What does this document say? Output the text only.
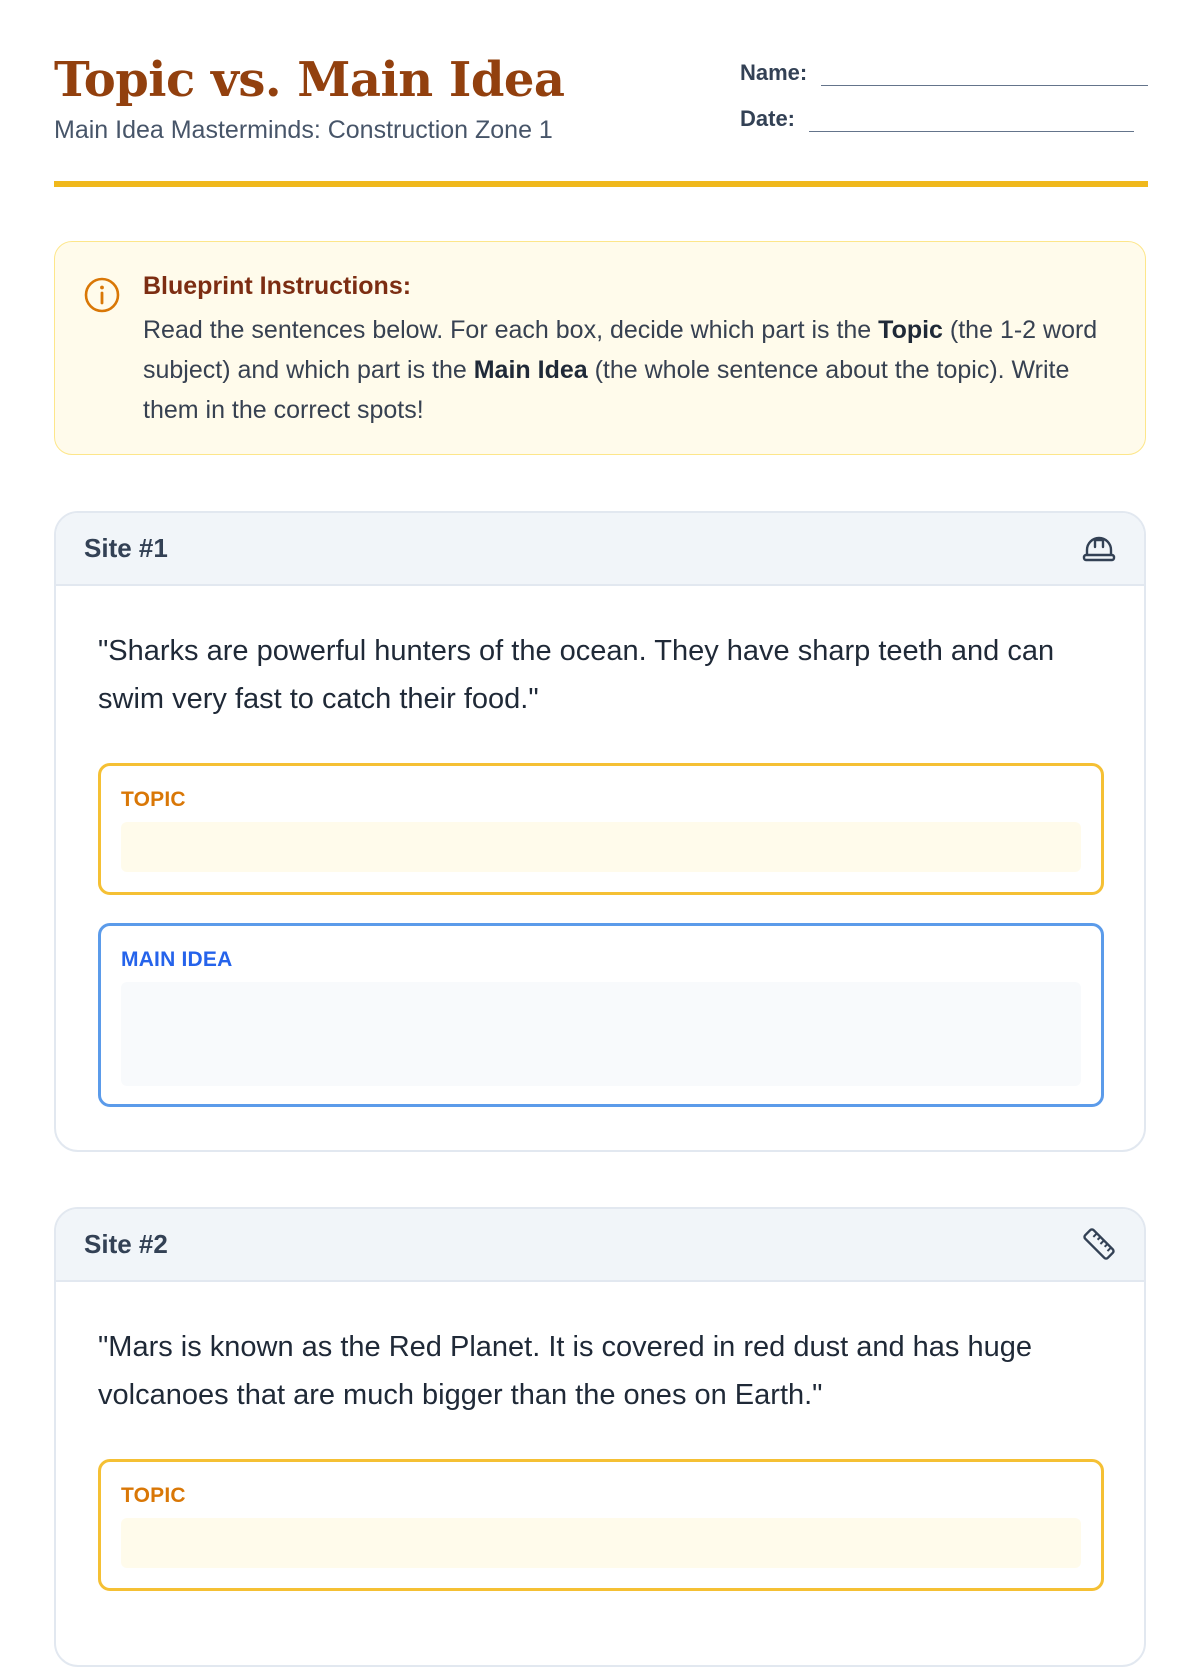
Topic vs. Main Idea
Main Idea Masterminds: Construction Zone 1
Name:
Date:
Blueprint Instructions:
Read the sentences below. For each box, decide which part is the Topic (the 1-2 word subject) and which part is the Main Idea (the whole sentence about the topic). Write them in the correct spots!
Site #1
"Sharks are powerful hunters of the ocean. They have sharp teeth and can swim very fast to catch their food."
TOPIC
MAIN IDEA
Site #2
"Mars is known as the Red Planet. It is covered in red dust and has huge volcanoes that are much bigger than the ones on Earth."
TOPIC
